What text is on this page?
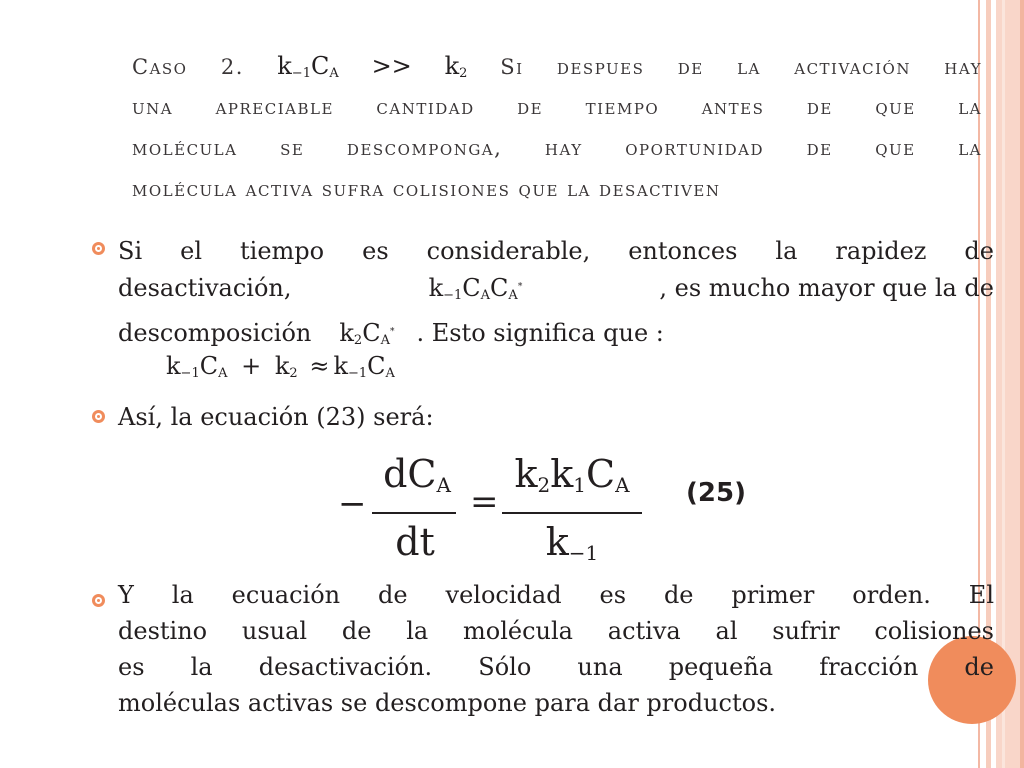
Caso 2. $k_{-1}C_A >> k_2$ Si despues de la activación hay
una apreciable cantidad de tiempo antes de que la
molécula se descomponga, hay oportunidad de que la
molécula activa sufra colisiones que la desactiven
Si el tiempo es considerable, entonces la rapidez de
desactivación,	$k_{-1}C_AC_A^*$	, es mucho mayor que la de
descomposición $k_2C_A^*$ . Esto significa que :
$k_{-1}C_A + k_2 \approx k_{-1}C_A$
Así, la ecuación (23) será:
−
$dC_A$
dt
=
$k_2k_1C_A$
$k_{-1}$
(25)
Y la ecuación de velocidad es de primer orden. El
destino usual de la molécula activa al sufrir colisiones
es la desactivación. Sólo una pequeña fracción de
moléculas activas se descompone para dar productos.
